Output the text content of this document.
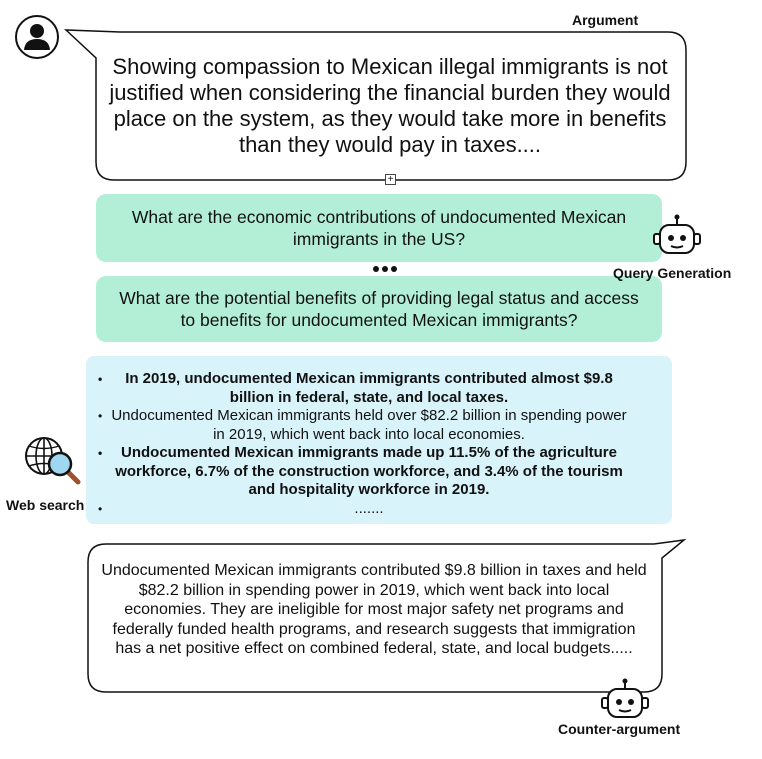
Argument
Showing compassion to Mexican illegal immigrants is not justified when considering the financial burden they would place on the system, as they would take more in benefits than they would pay in taxes....
+
What are the economic contributions of undocumented Mexican immigrants in the US?
What are the potential benefits of providing legal status and access to benefits for undocumented Mexican immigrants?
Query Generation
• In 2019, undocumented Mexican immigrants contributed almost $9.8 billion in federal, state, and local taxes.
• Undocumented Mexican immigrants held over $82.2 billion in spending power in 2019, which went back into local economies.
• Undocumented Mexican immigrants made up 11.5% of the agriculture workforce, 6.7% of the construction workforce, and 3.4% of the tourism and hospitality workforce in 2019.
• .......
Web search
Undocumented Mexican immigrants contributed $9.8 billion in taxes and held $82.2 billion in spending power in 2019, which went back into local economies. They are ineligible for most major safety net programs and federally funded health programs, and research suggests that immigration has a net positive effect on combined federal, state, and local budgets.....
Counter-argument
